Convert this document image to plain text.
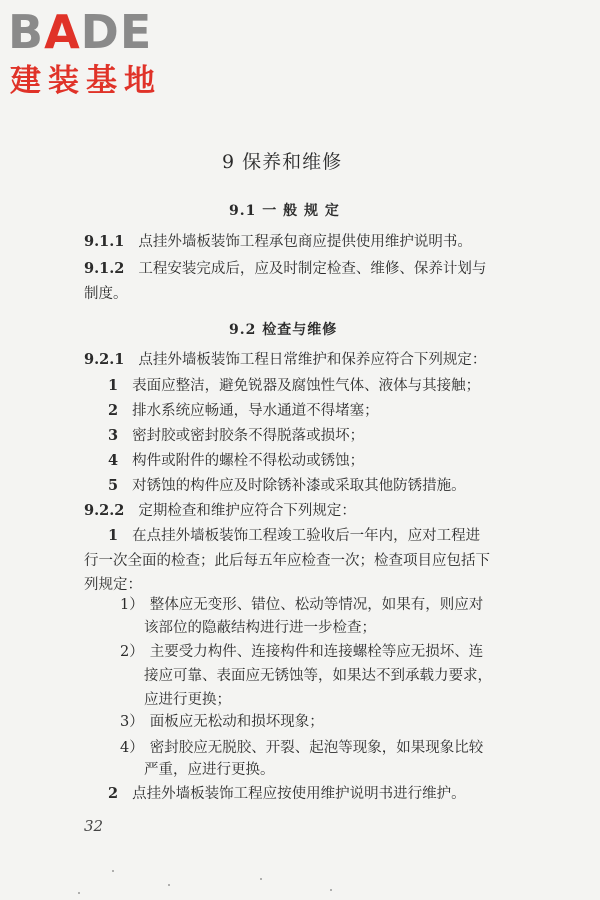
BADE
建装基地
9 保养和维修
9.1 一 般 规 定
9.1.1 点挂外墙板装饰工程承包商应提供使用维护说明书。
9.1.2 工程安装完成后，应及时制定检查、维修、保养计划与
制度。
9.2 检查与维修
9.2.1 点挂外墙板装饰工程日常维护和保养应符合下列规定：
1 表面应整洁，避免锐器及腐蚀性气体、液体与其接触；
2 排水系统应畅通，导水通道不得堵塞；
3 密封胶或密封胶条不得脱落或损坏；
4 构件或附件的螺栓不得松动或锈蚀；
5 对锈蚀的构件应及时除锈补漆或采取其他防锈措施。
9.2.2 定期检查和维护应符合下列规定：
1 在点挂外墙板装饰工程竣工验收后一年内，应对工程进
行一次全面的检查；此后每五年应检查一次；检查项目应包括下
列规定：
1） 整体应无变形、错位、松动等情况，如果有，则应对
该部位的隐蔽结构进行进一步检查；
2） 主要受力构件、连接构件和连接螺栓等应无损坏、连
接应可靠、表面应无锈蚀等，如果达不到承载力要求，
应进行更换；
3） 面板应无松动和损坏现象；
4） 密封胶应无脱胶、开裂、起泡等现象，如果现象比较
严重，应进行更换。
2 点挂外墙板装饰工程应按使用维护说明书进行维护。
32
